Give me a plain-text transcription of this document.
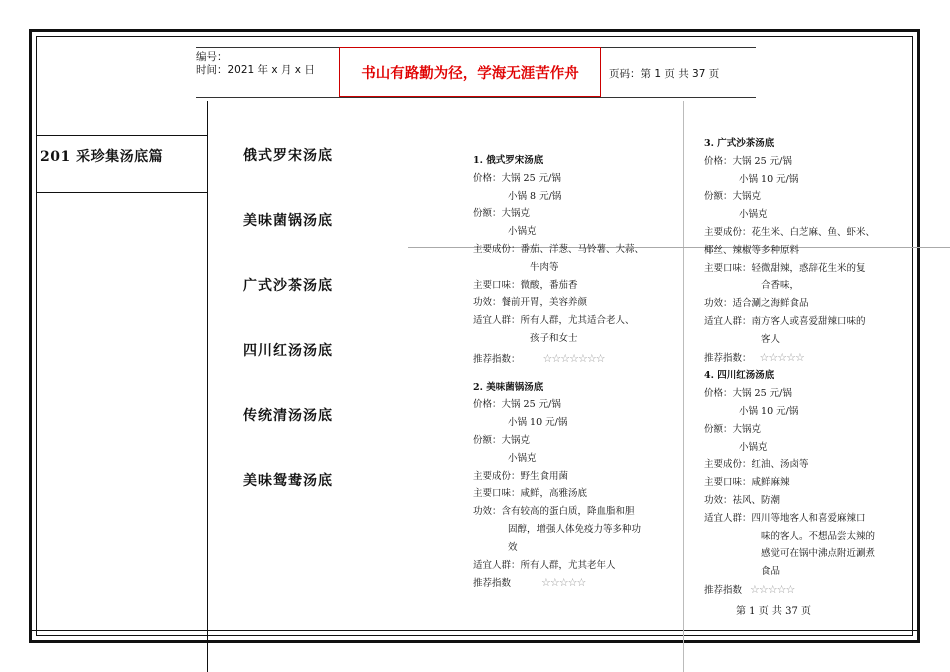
编号：
时间：2021 年 x 月 x 日	书山有路勤为径，学海无涯苦作舟	页码：第 1 页 共 37 页
201 采珍集汤底篇	俄式罗宋汤底
美味菌锅汤底
广式沙茶汤底
四川红汤汤底
传统清汤汤底
美味鸳鸯汤底
1. 俄式罗宋汤底
价格：大锅 25 元/锅
小锅 8 元/锅
份额：大锅克
小锅克
主要成份：番茄、洋葱、马铃薯、大蒜、
牛肉等
主要口味：微酸，番茄香
功效：餐前开胃，美容养颜
适宜人群：所有人群，尤其适合老人、
孩子和女士
推荐指数： ☆☆☆☆☆☆☆
2. 美味菌锅汤底
价格：大锅 25 元/锅
小锅 10 元/锅
份额：大锅克
小锅克
主要成份：野生食用菌
主要口味：咸鲜，高雅汤底
功效：含有较高的蛋白质，降血脂和胆
固醇，增强人体免疫力等多种功
效
适宜人群：所有人群，尤其老年人
推荐指数	☆☆☆☆☆
3. 广式沙茶汤底
价格：大锅 25 元/锅
小锅 10 元/锅
份额：大锅克
小锅克
主要成份：花生米、白芝麻、鱼、虾米、
椰丝、辣椒等多种原料
主要口味：轻微甜辣，惑辞花生米的复
合香味，
功效：适合涮之海鲜食品
适宜人群：南方客人或喜爱甜辣口味的
客人
推荐指数： ☆☆☆☆☆
4. 四川红汤汤底
价格：大锅 25 元/锅
小锅 10 元/锅
份额：大锅克
小锅克
主要成份：红油、汤卤等
主要口味：咸鲜麻辣
功效：祛风、防潮
适宜人群：四川等地客人和喜爱麻辣口
味的客人。不想品尝太辣的
感觉可在锅中沸点附近涮煮
食品
推荐指数 ☆☆☆☆☆
第 1 页 共 37 页
